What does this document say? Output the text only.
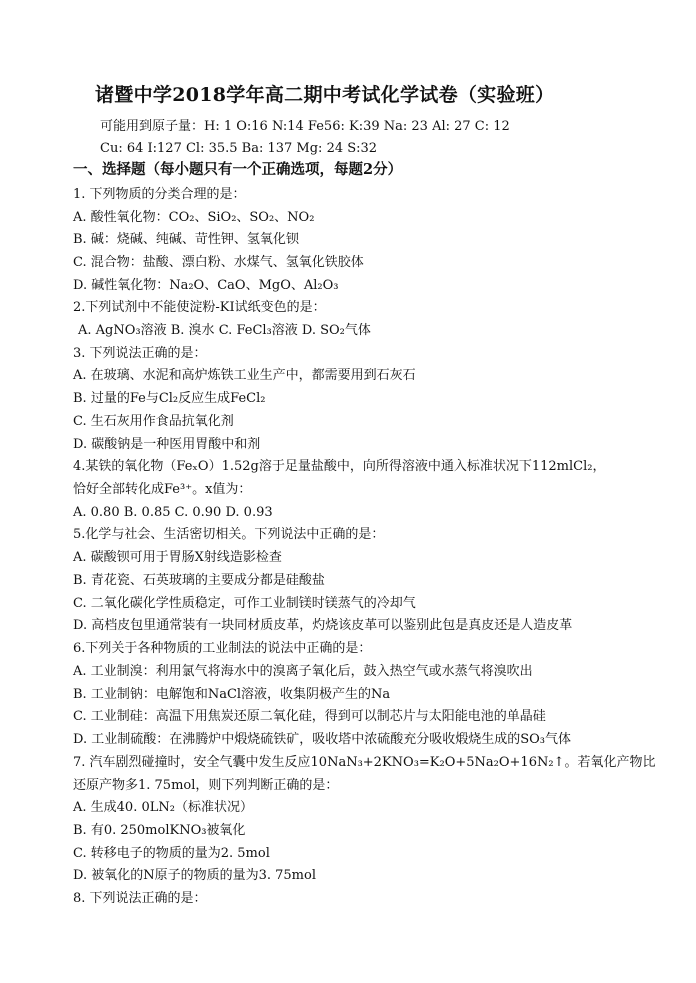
诸暨中学2018学年高二期中考试化学试卷（实验班）
可能用到原子量：H: 1 O:16 N:14 Fe56: K:39 Na: 23 Al: 27 C: 12
Cu: 64 I:127 Cl: 35.5 Ba: 137 Mg: 24 S:32
一、选择题（每小题只有一个正确选项，每题2分）
1. 下列物质的分类合理的是：
A. 酸性氧化物：CO₂、SiO₂、SO₂、NO₂
B. 碱：烧碱、纯碱、苛性钾、氢氧化钡
C. 混合物：盐酸、漂白粉、水煤气、氢氧化铁胶体
D. 碱性氧化物：Na₂O、CaO、MgO、Al₂O₃
2.下列试剂中不能使淀粉-KI试纸变色的是：
A. AgNO₃溶液 B. 溴水 C. FeCl₃溶液 D. SO₂气体
3. 下列说法正确的是：
A. 在玻璃、水泥和高炉炼铁工业生产中，都需要用到石灰石
B. 过量的Fe与Cl₂反应生成FeCl₂
C. 生石灰用作食品抗氧化剂
D. 碳酸钠是一种医用胃酸中和剂
4.某铁的氧化物（FeₓO）1.52g溶于足量盐酸中，向所得溶液中通入标准状况下112mlCl₂，
恰好全部转化成Fe³⁺。x值为：
A. 0.80 B. 0.85 C. 0.90 D. 0.93
5.化学与社会、生活密切相关。下列说法中正确的是：
A. 碳酸钡可用于胃肠X射线造影检查
B. 青花瓷、石英玻璃的主要成分都是硅酸盐
C. 二氧化碳化学性质稳定，可作工业制镁时镁蒸气的冷却气
D. 高档皮包里通常装有一块同材质皮革，灼烧该皮革可以鉴别此包是真皮还是人造皮革
6.下列关于各种物质的工业制法的说法中正确的是：
A. 工业制溴：利用氯气将海水中的溴离子氧化后，鼓入热空气或水蒸气将溴吹出
B. 工业制钠：电解饱和NaCl溶液，收集阴极产生的Na
C. 工业制硅：高温下用焦炭还原二氧化硅，得到可以制芯片与太阳能电池的单晶硅
D. 工业制硫酸：在沸腾炉中煅烧硫铁矿，吸收塔中浓硫酸充分吸收煅烧生成的SO₃气体
7. 汽车剧烈碰撞时，安全气囊中发生反应10NaN₃+2KNO₃=K₂O+5Na₂O+16N₂↑。若氧化产物比
还原产物多1. 75mol，则下列判断正确的是：
A. 生成40. 0LN₂（标准状况）
B. 有0. 250molKNO₃被氧化
C. 转移电子的物质的量为2. 5mol
D. 被氧化的N原子的物质的量为3. 75mol
8. 下列说法正确的是：
